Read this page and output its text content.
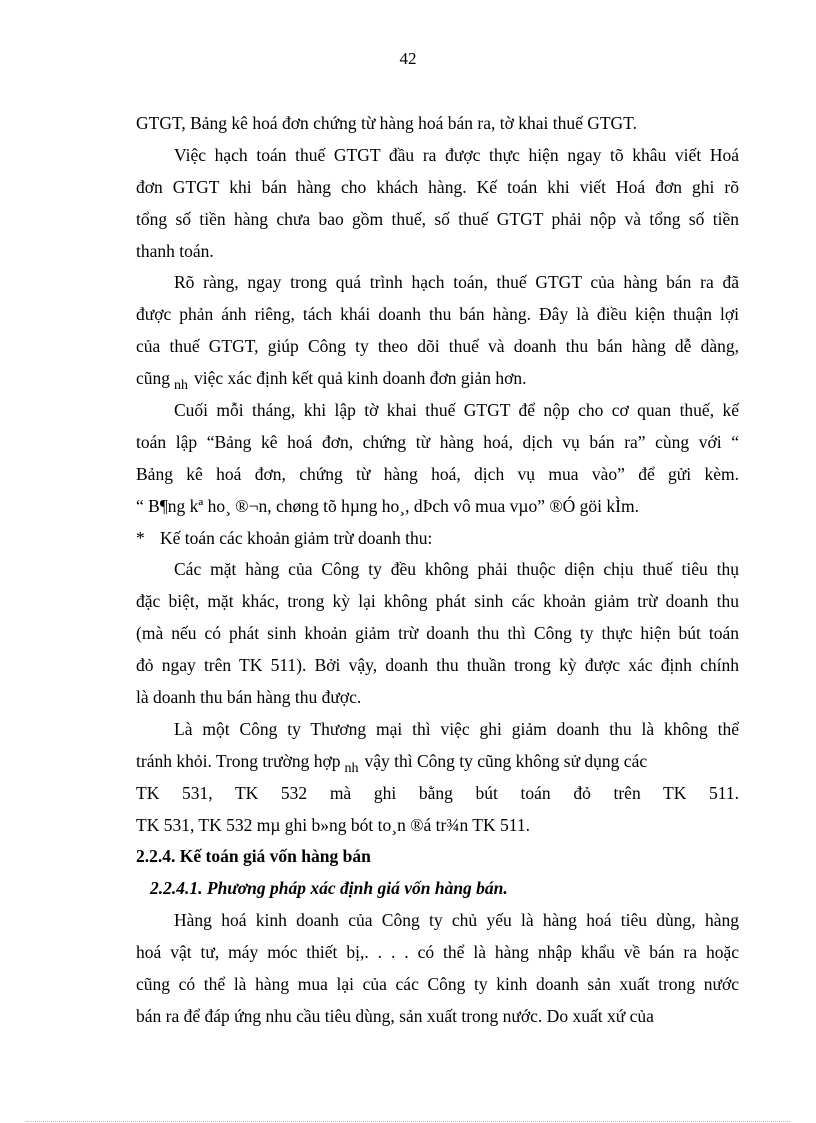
42
GTGT, Bảng kê hoá đơn chứng từ hàng hoá bán ra, tờ khai thuế GTGT.
Việc hạch toán thuế GTGT đầu ra được thực hiện ngay tõ khâu viết Hoá
đơn GTGT khi bán hàng cho khách hàng. Kế toán khi viết Hoá đơn ghi rõ
tổng số tiền hàng chưa bao gồm thuế, số thuế GTGT phải nộp và tổng số tiền
thanh toán.
Rõ ràng, ngay trong quá trình hạch toán, thuế GTGT của hàng bán ra đã
được phản ánh riêng, tách khái doanh thu bán hàng. Đây là điều kiện thuận lợi
của thuế GTGT, giúp Công ty theo dõi thuế và doanh thu bán hàng dễ dàng,
cũng $_{nh}$ việc xác định kết quả kinh doanh đơn giản hơn.
Cuối mỗi tháng, khi lập tờ khai thuế GTGT để nộp cho cơ quan thuế, kế
toán lập “Bảng kê hoá đơn, chứng từ hàng hoá, dịch vụ bán ra” cùng với “
Bảng kê hoá đơn, chứng từ hàng hoá, dịch vụ mua vào” để gửi kèm.
“ B¶ng kª ho¸ ®¬n, chøng tõ hµng ho¸, dÞch vô mua vµo” ®Ó göi kÌm.
* Kế toán các khoản giảm trừ doanh thu:
Các mặt hàng của Công ty đều không phải thuộc diện chịu thuế tiêu thụ
đặc biệt, mặt khác, trong kỳ lại không phát sinh các khoản giảm trừ doanh thu
(mà nếu có phát sinh khoản giảm trừ doanh thu thì Công ty thực hiện bút toán
đỏ ngay trên TK 511). Bởi vậy, doanh thu thuần trong kỳ được xác định chính
là doanh thu bán hàng thu được.
Là một Công ty Thương mại thì việc ghi giảm doanh thu là không thể
tránh khỏi. Trong trường hợp $_{nh}$ vậy thì Công ty cũng không sử dụng các
TK 531, TK 532 mà ghi bằng bút toán đỏ trên TK 511.
TK 531, TK 532 mµ ghi b»ng bót to¸n ®á tr¾n TK 511.
2.2.4. Kế toán giá vốn hàng bán
2.2.4.1. Phương pháp xác định giá vốn hàng bán.
Hàng hoá kinh doanh của Công ty chủ yếu là hàng hoá tiêu dùng, hàng
hoá vật tư, máy móc thiết bị,. . . . có thể là hàng nhập khẩu về bán ra hoặc
cũng có thể là hàng mua lại của các Công ty kinh doanh sản xuất trong nước
bán ra để đáp ứng nhu cầu tiêu dùng, sản xuất trong nước. Do xuất xứ của
